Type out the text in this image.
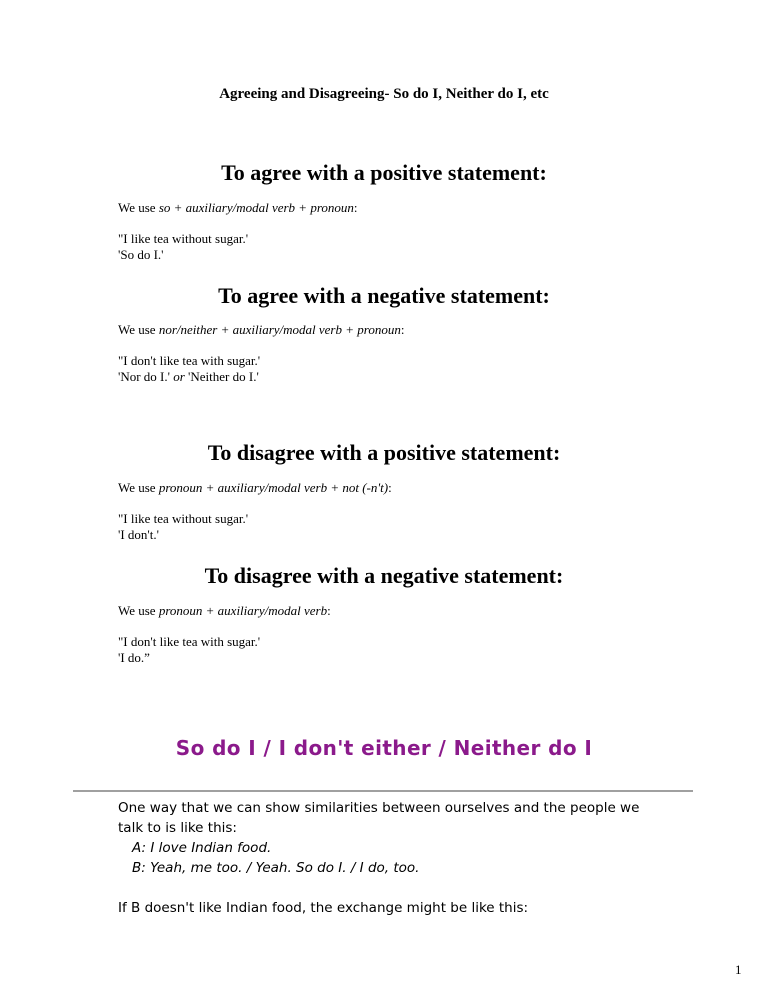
Agreeing and Disagreeing- So do I, Neither do I, etc
To agree with a positive statement:
We use so + auxiliary/modal verb + pronoun:
"I like tea without sugar.'
'So do I.'
To agree with a negative statement:
We use nor/neither + auxiliary/modal verb + pronoun:
"I don't like tea with sugar.'
'Nor do I.' or 'Neither do I.'
To disagree with a positive statement:
We use pronoun + auxiliary/modal verb + not (-n't):
"I like tea without sugar.'
'I don't.'
To disagree with a negative statement:
We use pronoun + auxiliary/modal verb:
"I don't like tea with sugar.'
'I do.”
So do I / I don't either / Neither do I
One way that we can show similarities between ourselves and the people we
talk to is like this:
A: I love Indian food.
B: Yeah, me too. / Yeah. So do I. / I do, too.
If B doesn't like Indian food, the exchange might be like this:
1
